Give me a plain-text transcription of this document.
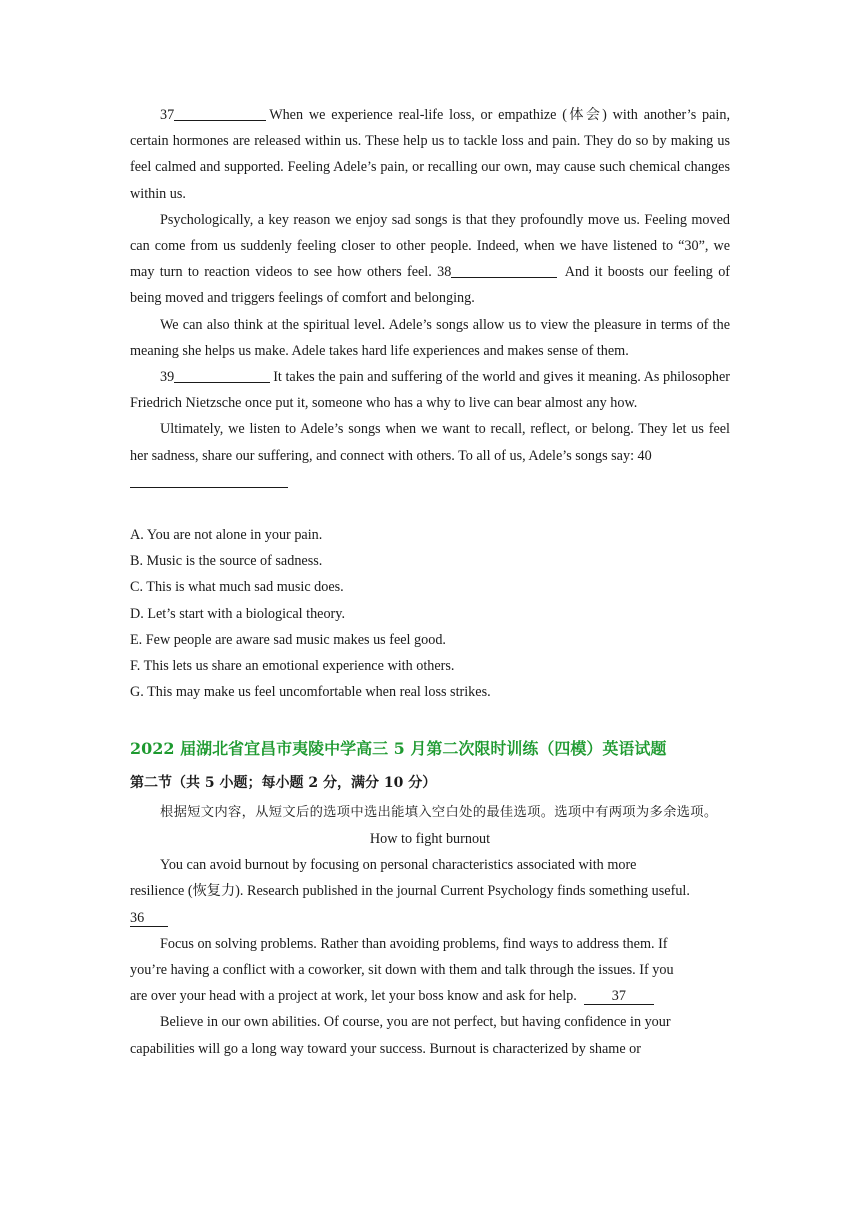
37	When we experience real-life loss, or empathize (体会) with another’s pain, certain hormones are released within us. These help us to tackle loss and pain. They do so by making us feel calmed and supported. Feeling Adele’s pain, or recalling our own, may cause such chemical changes within us.

Psychologically, a key reason we enjoy sad songs is that they profoundly move us. Feeling moved can come from us suddenly feeling closer to other people. Indeed, when we have listened to “30”, we may turn to reaction videos to see how others feel. 38	And it boosts our feeling of being moved and triggers feelings of comfort and belonging.

We can also think at the spiritual level. Adele’s songs allow us to view the pleasure in terms of the meaning she helps us make. Adele takes hard life experiences and makes sense of them.

39	It takes the pain and suffering of the world and gives it meaning. As philosopher Friedrich Nietzsche once put it, someone who has a why to live can bear almost any how.

Ultimately, we listen to Adele’s songs when we want to recall, reflect, or belong. They let us feel her sadness, share our suffering, and connect with others. To all of us, Adele’s songs say: 40

A. You are not alone in your pain.
B. Music is the source of sadness.
C. This is what much sad music does.
D. Let’s start with a biological theory.
E. Few people are aware sad music makes us feel good.
F. This lets us share an emotional experience with others.
G. This may make us feel uncomfortable when real loss strikes.
2022 届湖北省宜昌市夷陵中学高三 5 月第二次限时训练（四模）英语试题
第二节（共 5 小题；每小题 2 分，满分 10 分）

根据短文内容，从短文后的选项中选出能填入空白处的最佳选项。选项中有两项为多余选项。

How to fight burnout

You can avoid burnout by focusing on personal characteristics associated with more

resilience (恢复力). Research published in the journal Current Psychology finds something useful.

36

Focus on solving problems. Rather than avoiding problems, find ways to address them. If

you’re having a conflict with a coworker, sit down with them and talk through the issues. If you

are over your head with a project at work, let your boss know and ask for help. 37

Believe in our own abilities. Of course, you are not perfect, but having confidence in your

capabilities will go a long way toward your success. Burnout is characterized by shame or
